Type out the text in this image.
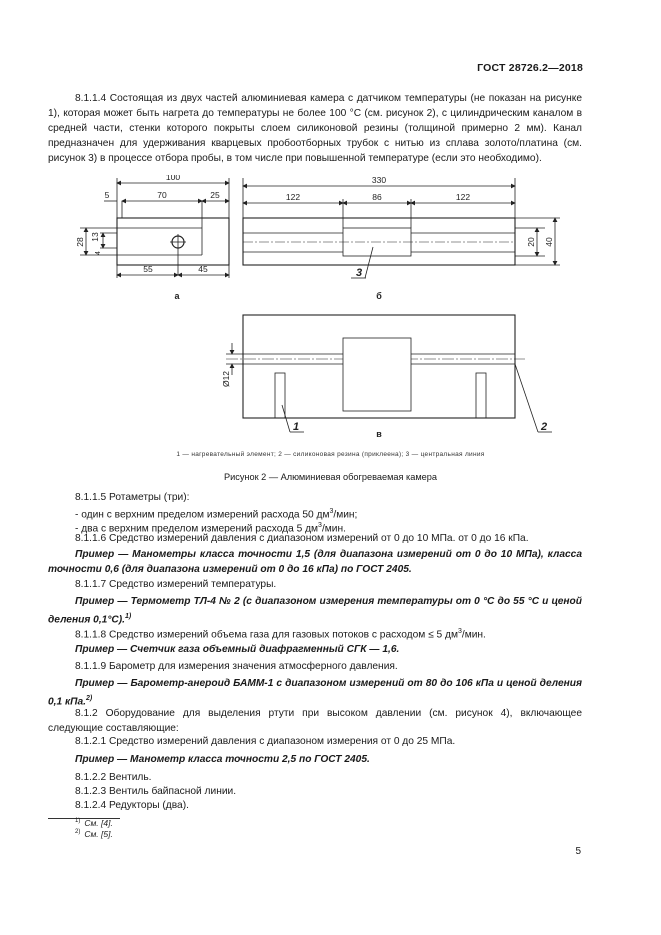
ГОСТ 28726.2—2018
8.1.1.4 Состоящая из двух частей алюминиевая камера с датчиком температуры (не показан на рисунке 1), которая может быть нагрета до температуры не более 100 °С (см. рисунок 2), с цилиндрическим каналом в средней части, стенки которого покрыты слоем силиконовой резины (толщиной примерно 2 мм). Канал предназначен для удерживания кварцевых пробоотборных трубок с нитью из сплава золото/платина (см. рисунок 3) в процессе отбора пробы, в том числе при повышенной температуре (если это необходимо).
100
5	70	25
55	45
28
13
4
330
122	86	122
20 40
Ø12
3
1	2
а	б
в
1 — нагревательный элемент; 2 — силиконовая резина (приклеена); 3 — центральная линия
Рисунок 2 — Алюминиевая обогреваемая камера
8.1.1.5 Ротаметры (три):
- один с верхним пределом измерений расхода 50 $дм^3$/мин;
- два с верхним пределом измерений расхода 5 $дм^3$/мин.
8.1.1.6 Средство измерений давления с диапазоном измерений от 0 до 10 МПа. от 0 до 16 кПа.
Пример — Манометры класса точности 1,5 (для диапазона измерений от 0 до 10 МПа), класса точности 0,6 (для диапазона измерений от 0 до 16 кПа) по ГОСТ 2405.
8.1.1.7 Средство измерений температуры.
Пример — Термометр ТЛ-4 № 2 (с диапазоном измерения температуры от 0 °С до 55 °С и ценой деления 0,1°С).$^{1)}$
8.1.1.8 Средство измерений объема газа для газовых потоков с расходом ≤ 5 $дм^3$/мин.
Пример — Счетчик газа объемный диафрагменный СГК — 1,6.
8.1.1.9 Барометр для измерения значения атмосферного давления.
Пример — Барометр-анероид БАММ-1 с диапазоном измерений от 80 до 106 кПа и ценой деления 0,1 кПа.$^{2)}$
8.1.2 Оборудование для выделения ртути при высоком давлении (см. рисунок 4), включающее следующие составляющие:
8.1.2.1 Средство измерений давления с диапазоном измерения от 0 до 25 МПа.
Пример — Манометр класса точности 2,5 по ГОСТ 2405.
8.1.2.2 Вентиль.
8.1.2.3 Вентиль байпасной линии.
8.1.2.4 Редукторы (два).
$^{1)}$ См. [4].
$^{2)}$ См. [5].
5
